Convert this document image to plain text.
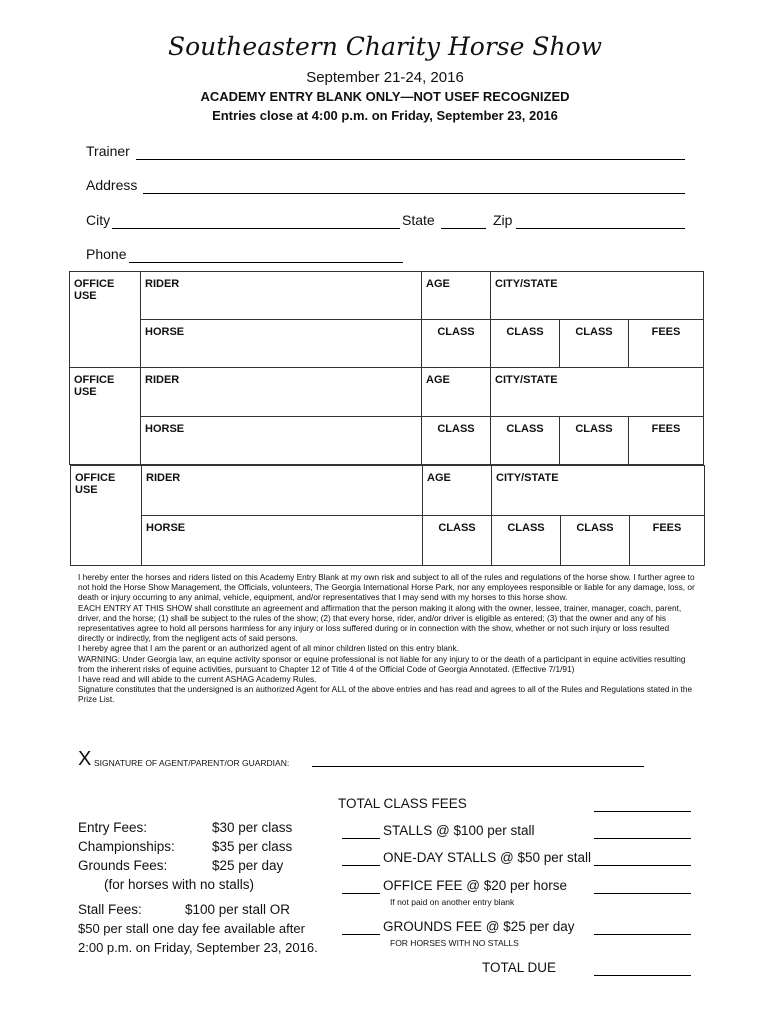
Southeastern Charity Horse Show
September 21-24, 2016
ACADEMY ENTRY BLANK ONLY—NOT USEF RECOGNIZED
Entries close at 4:00 p.m. on Friday, September 23, 2016
Trainer
Address
City	State	Zip
Phone
OFFICE USE	RIDER	AGE	CITY/STATE		
	HORSE	CLASS	CLASS	CLASS	FEES
OFFICE USE	RIDER	AGE	CITY/STATE		
	HORSE	CLASS	CLASS	CLASS	FEES
OFFICE USE	RIDER	AGE	CITY/STATE		
	HORSE	CLASS	CLASS	CLASS	FEES

I hereby enter the horses and riders listed on this Academy Entry Blank at my own risk and subject to all of the rules and regulations of the horse show. I further agree to not hold the Horse Show Management, the Officials, volunteers, The Georgia International Horse Park, nor any employees responsible or liable for any damage, loss, or death or injury occurring to any animal, vehicle, equipment, and/or representatives that I may send with my horses to this horse show.

EACH ENTRY AT THIS SHOW shall constitute an agreement and affirmation that the person making it along with the owner, lessee, trainer, manager, coach, parent, driver, and the horse; (1) shall be subject to the rules of the show; (2) that every horse, rider, and/or driver is eligible as entered; (3) that the owner and any of his representatives agree to hold all persons harmless for any injury or loss suffered during or in connection with the show, whether or not such injury or loss resulted directly or indirectly, from the negligent acts of said persons.

I hereby agree that I am the parent or an authorized agent of all minor children listed on this entry blank.

WARNING: Under Georgia law, an equine activity sponsor or equine professional is not liable for any injury to or the death of a participant in equine activities resulting from the inherent risks of equine activities, pursuant to Chapter 12 of Title 4 of the Official Code of Georgia Annotated. (Effective 7/1/91)

I have read and will abide to the current ASHAG Academy Rules.

Signature constitutes that the undersigned is an authorized Agent for ALL of the above entries and has read and agrees to all of the Rules and Regulations stated in the Prize List.

X SIGNATURE OF AGENT/PARENT/OR GUARDIAN:
Entry Fees:	$30 per class
Championships:	$35 per class
Grounds Fees:	$25 per day
(for horses with no stalls)
Stall Fees:	$100 per stall OR
$50 per stall one day fee available after
2:00 p.m. on Friday, September 23, 2016.
TOTAL CLASS FEES
STALLS @ $100 per stall
ONE-DAY STALLS @ $50 per stall
OFFICE FEE @ $20 per horse
If not paid on another entry blank
GROUNDS FEE @ $25 per day
FOR HORSES WITH NO STALLS
TOTAL DUE
